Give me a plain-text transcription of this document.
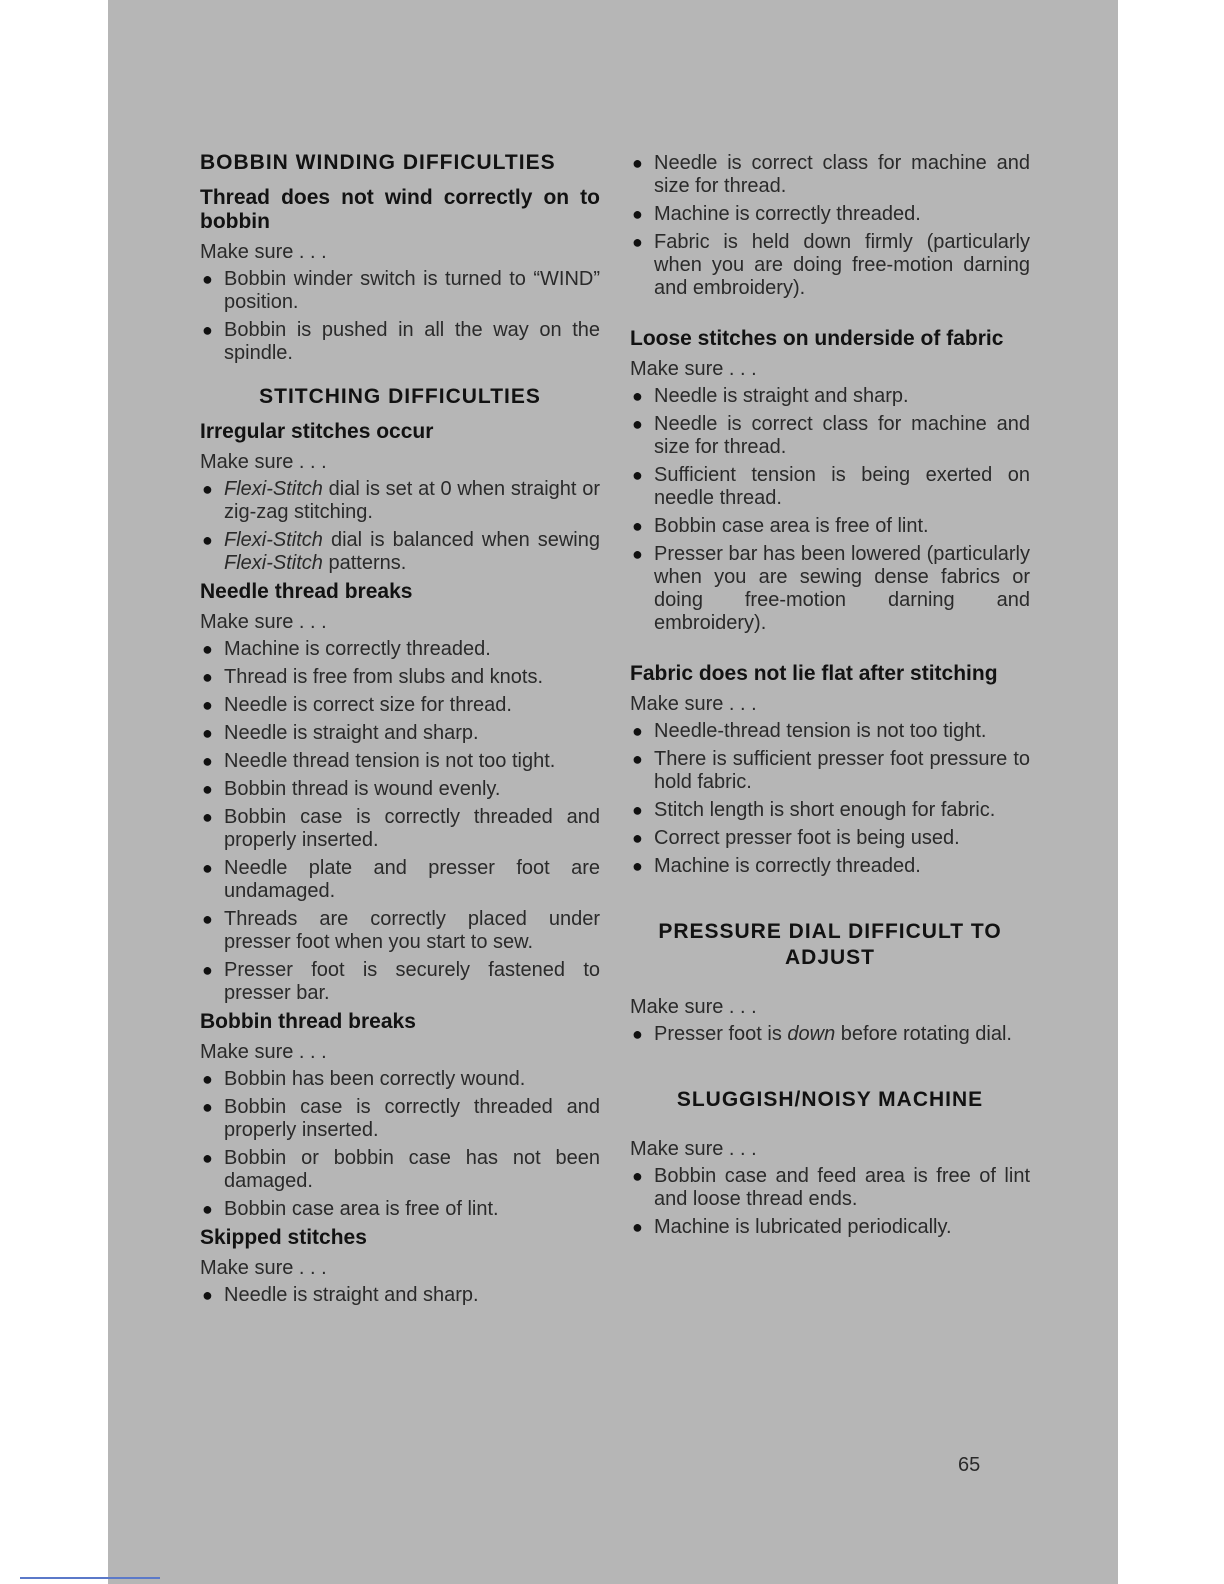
BOBBIN WINDING DIFFICULTIES
Thread does not wind correctly on to bobbin
Make sure . . .
● Bobbin winder switch is turned to “WIND” position.
● Bobbin is pushed in all the way on the spindle.
STITCHING DIFFICULTIES
Irregular stitches occur
Make sure . . .
● Flexi-Stitch dial is set at 0 when straight or zig-zag stitching.
● Flexi-Stitch dial is balanced when sewing Flexi-Stitch patterns.
Needle thread breaks
Make sure . . .
● Machine is correctly threaded.
● Thread is free from slubs and knots.
● Needle is correct size for thread.
● Needle is straight and sharp.
● Needle thread tension is not too tight.
● Bobbin thread is wound evenly.
● Bobbin case is correctly threaded and properly inserted.
● Needle plate and presser foot are undamaged.
● Threads are correctly placed under presser foot when you start to sew.
● Presser foot is securely fastened to presser bar.
Bobbin thread breaks
Make sure . . .
● Bobbin has been correctly wound.
● Bobbin case is correctly threaded and properly inserted.
● Bobbin or bobbin case has not been damaged.
● Bobbin case area is free of lint.
Skipped stitches
Make sure . . .
● Needle is straight and sharp.
● Needle is correct class for machine and size for thread.
● Machine is correctly threaded.
● Fabric is held down firmly (particularly when you are doing free-motion darning and embroidery).
Loose stitches on underside of fabric
Make sure . . .
● Needle is straight and sharp.
● Needle is correct class for machine and size for thread.
● Sufficient tension is being exerted on needle thread.
● Bobbin case area is free of lint.
● Presser bar has been lowered (particularly when you are sewing dense fabrics or doing free-motion darning and embroidery).
Fabric does not lie flat after stitching
Make sure . . .
● Needle-thread tension is not too tight.
● There is sufficient presser foot pressure to hold fabric.
● Stitch length is short enough for fabric.
● Correct presser foot is being used.
● Machine is correctly threaded.
PRESSURE DIAL DIFFICULT TO ADJUST
Make sure . . .
● Presser foot is down before rotating dial.
SLUGGISH/NOISY MACHINE
Make sure . . .
● Bobbin case and feed area is free of lint and loose thread ends.
● Machine is lubricated periodically.
65
